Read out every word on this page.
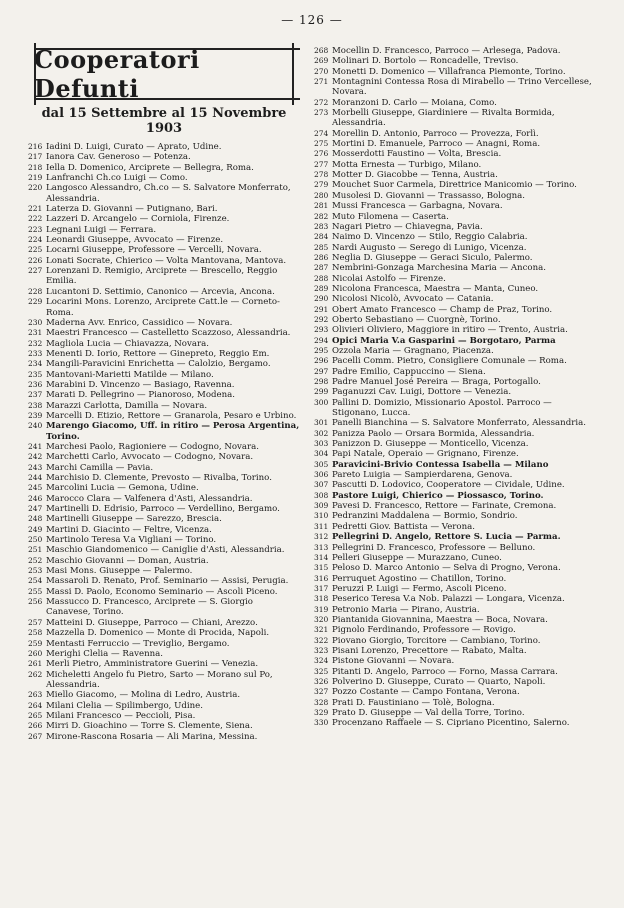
— 126 —
Cooperatori Defunti
dal 15 Settembre al 15 Novembre 1903
216 Iadini D. Luigi, Curato — Aprato, Udine.
217 Ianora Cav. Generoso — Potenza.
218 Iella D. Domenico, Arciprete — Bellegra, Roma.
219 Lanfranchi Ch.co Luigi — Como.
220 Langosco Alessandro, Ch.co — S. Salvatore Monferrato, Alessandria.
221 Laterza D. Giovanni — Putignano, Bari.
222 Lazzeri D. Arcangelo — Corniola, Firenze.
223 Legnani Luigi — Ferrara.
224 Leonardi Giuseppe, Avvocato — Firenze.
225 Locarni Giuseppe, Professore — Vercelli, Novara.
226 Lonati Socrate, Chierico — Volta Mantovana, Mantova.
227 Lorenzani D. Remigio, Arciprete — Brescello, Reggio Emilia.
228 Lucantoni D. Settimio, Canonico — Arcevia, Ancona.
229 Locarini Mons. Lorenzo, Arciprete Catt.le — Corneto-Roma.
230 Maderna Avv. Enrico, Cassidico — Novara.
231 Maestri Francesco — Castelletto Scazzoso, Alessandria.
232 Magliola Lucia — Chiavazza, Novara.
233 Menenti D. Iorio, Rettore — Ginepreto, Reggio Em.
234 Mangili-Paravicini Enrichetta — Calolzio, Bergamo.
235 Mantovani-Marietti Matilde — Milano.
236 Marabini D. Vincenzo — Basiago, Ravenna.
237 Marati D. Pellegrino — Pianoroso, Modena.
238 Marazzi Carlotta, Damilla — Novara.
239 Marcelli D. Etizio, Rettore — Granarola, Pesaro e Urbino.
240 Marengo Giacomo, Uff. in ritiro — Perosa Argentina, Torino.
241 Marchesi Paolo, Ragioniere — Codogno, Novara.
242 Marchetti Carlo, Avvocato — Codogno, Novara.
243 Marchi Camilla — Pavia.
244 Marchisio D. Clemente, Prevosto — Rivalba, Torino.
245 Marcolini Lucia — Gemona, Udine.
246 Marocco Clara — Valfenera d'Asti, Alessandria.
247 Martinelli D. Edrisio, Parroco — Verdellino, Bergamo.
248 Martinelli Giuseppe — Sarezzo, Brescia.
249 Martini D. Giacinto — Feltre, Vicenza.
250 Martinolo Teresa V.a Vigliani — Torino.
251 Maschio Giandomenico — Caniglie d'Asti, Alessandria.
252 Maschio Giovanni — Doman, Austria.
253 Masi Mons. Giuseppe — Palermo.
254 Massaroli D. Renato, Prof. Seminario — Assisi, Perugia.
255 Massi D. Paolo, Economo Seminario — Ascoli Piceno.
256 Massucco D. Francesco, Arciprete — S. Giorgio Canavese, Torino.
257 Matteini D. Giuseppe, Parroco — Chiani, Arezzo.
258 Mazzella D. Domenico — Monte di Procida, Napoli.
259 Mentasti Ferruccio — Treviglio, Bergamo.
260 Merighi Clelia — Ravenna.
261 Merli Pietro, Amministratore Guerini — Venezia.
262 Micheletti Angelo fu Pietro, Sarto — Morano sul Po, Alessandria.
263 Miello Giacomo, — Molina di Ledro, Austria.
264 Milani Clelia — Spilimbergo, Udine.
265 Milani Francesco — Peccioli, Pisa.
266 Mirri D. Gioachino — Torre S. Clemente, Siena.
267 Mirone-Rascona Rosaria — Ali Marina, Messina.
268 Mocellin D. Francesco, Parroco — Arlesega, Padova.
269 Molinari D. Bortolo — Roncadelle, Treviso.
270 Monetti D. Domenico — Villafranca Piemonte, Torino.
271 Montagnini Contessa Rosa di Mirabello — Trino Vercellese, Novara.
272 Moranzoni D. Carlo — Moiana, Como.
273 Morbelli Giuseppe, Giardiniere — Rivalta Bormida, Alessandria.
274 Morellin D. Antonio, Parroco — Provezza, Forlì.
275 Mortini D. Emanuele, Parroco — Anagni, Roma.
276 Mosserdotti Faustino — Volta, Brescia.
277 Motta Ernesta — Turbigo, Milano.
278 Motter D. Giacobbe — Tenna, Austria.
279 Mouchet Suor Carmela, Direttrice Manicomio — Torino.
280 Musolesi D. Giovanni — Trassasso, Bologna.
281 Mussi Francesca — Garbagna, Novara.
282 Muto Filomena — Caserta.
283 Nagari Pietro — Chiavegna, Pavia.
284 Naimo D. Vincenzo — Stilo, Reggio Calabria.
285 Nardi Augusto — Serego di Lunigo, Vicenza.
286 Neglia D. Giuseppe — Geraci Siculo, Palermo.
287 Nembrini-Gonzaga Marchesina Maria — Ancona.
288 Nicolai Astolfo — Firenze.
289 Nicolona Francesca, Maestra — Manta, Cuneo.
290 Nicolosi Nicolò, Avvocato — Catania.
291 Obert Amato Francesco — Champ de Praz, Torino.
292 Oberto Sebastiano — Cuorgnè, Torino.
293 Olivieri Oliviero, Maggiore in ritiro — Trento, Austria.
294 Opici Maria V.a Gasparini — Borgotaro, Parma
295 Ozzola Maria — Gragnano, Piacenza.
296 Pacelli Comm. Pietro, Consigliere Comunale — Roma.
297 Padre Emilio, Cappuccino — Siena.
298 Padre Manuel José Pereira — Braga, Portogallo.
299 Paganuzzi Cav. Luigi, Dottore — Venezia.
300 Pallini D. Domizio, Missionario Apostol. Parroco — Stigonano, Lucca.
301 Panelli Bianchina — S. Salvatore Monferrato, Alessandria.
302 Panizza Paolo — Orsara Bormida, Alessandria.
303 Panizzon D. Giuseppe — Monticello, Vicenza.
304 Papi Natale, Operaio — Grignano, Firenze.
305 Paravicini-Brivio Contessa Isabella — Milano
306 Pareto Luigia — Sampierdarena, Genova.
307 Pascutti D. Lodovico, Cooperatore — Cividale, Udine.
308 Pastore Luigi, Chierico — Piossasco, Torino.
309 Pavesi D. Francesco, Rettore — Farinate, Cremona.
310 Pedranzini Maddalena — Bormio, Sondrio.
311 Pedretti Giov. Battista — Verona.
312 Pellegrini D. Angelo, Rettore S. Lucia — Parma.
313 Pellegrini D. Francesco, Professore — Belluno.
314 Pelleri Giuseppe — Murazzano, Cuneo.
315 Peloso D. Marco Antonio — Selva di Progno, Verona.
316 Perruquet Agostino — Chatillon, Torino.
317 Peruzzi P. Luigi — Fermo, Ascoli Piceno.
318 Peserico Teresa V.a Nob. Palazzi — Longara, Vicenza.
319 Petronio Maria — Pirano, Austria.
320 Piantanida Giovannina, Maestra — Boca, Novara.
321 Pignolo Ferdinando, Professore — Rovigo.
322 Piovano Giorgio, Torcitore — Cambiano, Torino.
323 Pisani Lorenzo, Precettore — Rabato, Malta.
324 Pistone Giovanni — Novara.
325 Pitanti D. Angelo, Parroco — Forno, Massa Carrara.
326 Polverino D. Giuseppe, Curato — Quarto, Napoli.
327 Pozzo Costante — Campo Fontana, Verona.
328 Prati D. Faustiniano — Tolè, Bologna.
329 Prato D. Giuseppe — Val della Torre, Torino.
330 Procenzano Raffaele — S. Cipriano Picentino, Salerno.
